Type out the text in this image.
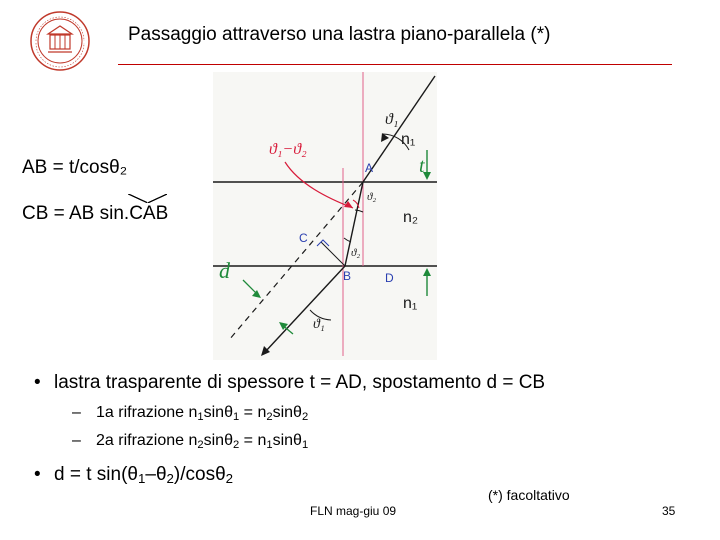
Passaggio attraverso una lastra piano-parallela (*)
ϑ₁
ϑ₁−ϑ₂
A
B
C
D
ϑ₂
ϑ₂
n₁
n₂
n₁
t
d
ϑ₁
AB = t/cosθ₂
CB = AB sin.CAB
• lastra trasparente di spessore t = AD, spostamento d = CB
– 1a rifrazione $n_1\sin\theta_1 = n_2\sin\theta_2$
– 2a rifrazione $n_2\sin\theta_2 = n_1\sin\theta_1$
• d = t $\sin(\theta_1-\theta_2)/\cos\theta_2$
FLN mag-giu 09
(*) facoltativo
35
